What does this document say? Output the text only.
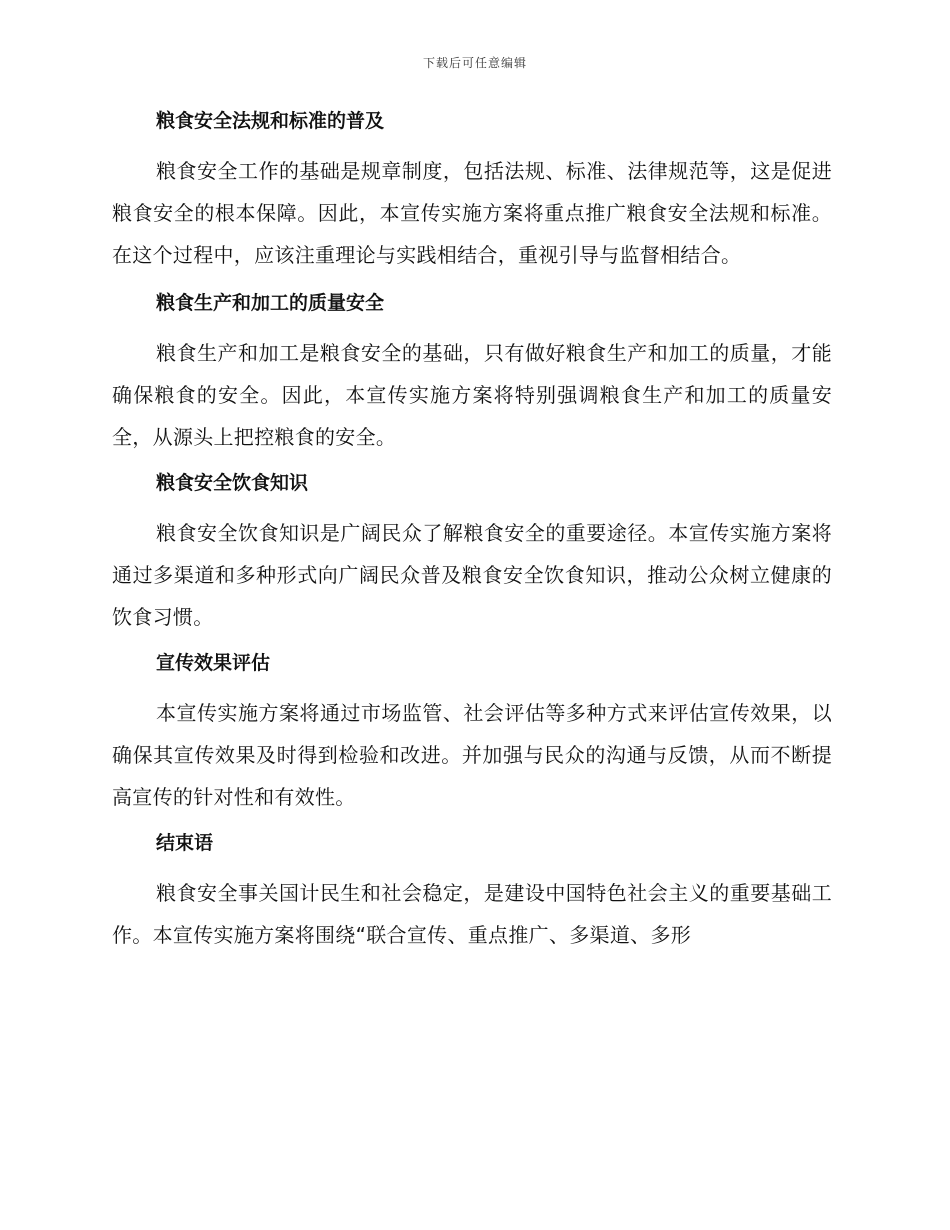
下载后可任意编辑
粮食安全法规和标准的普及
粮食安全工作的基础是规章制度，包括法规、标准、法律规范等，这是促进粮食安全的根本保障。因此，本宣传实施方案将重点推广粮食安全法规和标准。在这个过程中，应该注重理论与实践相结合，重视引导与监督相结合。
粮食生产和加工的质量安全
粮食生产和加工是粮食安全的基础，只有做好粮食生产和加工的质量，才能确保粮食的安全。因此，本宣传实施方案将特别强调粮食生产和加工的质量安全，从源头上把控粮食的安全。
粮食安全饮食知识
粮食安全饮食知识是广阔民众了解粮食安全的重要途径。本宣传实施方案将通过多渠道和多种形式向广阔民众普及粮食安全饮食知识，推动公众树立健康的饮食习惯。
宣传效果评估
本宣传实施方案将通过市场监管、社会评估等多种方式来评估宣传效果，以确保其宣传效果及时得到检验和改进。并加强与民众的沟通与反馈，从而不断提高宣传的针对性和有效性。
结束语
粮食安全事关国计民生和社会稳定，是建设中国特色社会主义的重要基础工作。本宣传实施方案将围绕“联合宣传、重点推广、多渠道、多形
